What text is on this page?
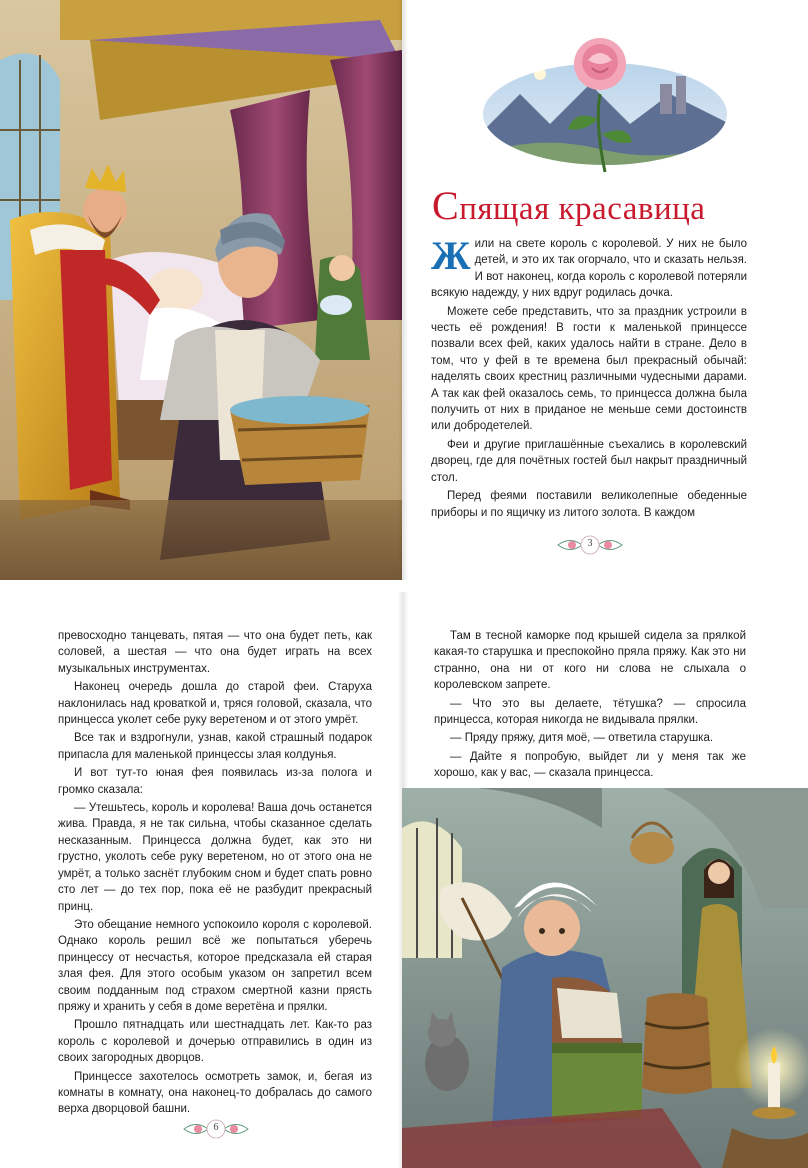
Спящая красавица

Жили на свете король с королевой. У них не было детей, и это их так огорчало, что и сказать нельзя. И вот наконец, когда король с королевой потеряли всякую надежду, у них вдруг родилась дочка.

Можете себе представить, что за праздник устроили в честь её рождения! В гости к маленькой принцессе позвали всех фей, каких удалось найти в стране. Дело в том, что у фей в те времена был прекрасный обычай: наделять своих крестниц различными чудесными дарами. А так как фей оказалось семь, то принцесса должна была получить от них в приданое не меньше семи достоинств или добродетелей.

Феи и другие приглашённые съехались в королевский дворец, где для почётных гостей был накрыт праздничный стол.

Перед феями поставили великолепные обеденные приборы и по ящичку из литого золота. В каждом

3

превосходно танцевать, пятая — что она будет петь, как соловей, а шестая — что она будет играть на всех музыкальных инструментах.

Наконец очередь дошла до старой феи. Старуха наклонилась над кроваткой и, тряся головой, сказала, что принцесса уколет себе руку веретеном и от этого умрёт.

Все так и вздрогнули, узнав, какой страшный подарок припасла для маленькой принцессы злая колдунья.

И вот тут-то юная фея появилась из-за полога и громко сказала:

— Утешьтесь, король и королева! Ваша дочь останется жива. Правда, я не так сильна, чтобы сказанное сделать несказанным. Принцесса должна будет, как это ни грустно, уколоть себе руку веретеном, но от этого она не умрёт, а только заснёт глубоким сном и будет спать ровно сто лет — до тех пор, пока её не разбудит прекрасный принц.

Это обещание немного успокоило короля с королевой. Однако король решил всё же попытаться уберечь принцессу от несчастья, которое предсказала ей старая злая фея. Для этого особым указом он запретил всем своим подданным под страхом смертной казни прясть пряжу и хранить у себя в доме веретёна и прялки.

Прошло пятнадцать или шестнадцать лет. Как-то раз король с королевой и дочерью отправились в один из своих загородных дворцов.

Принцессе захотелось осмотреть замок, и, бегая из комнаты в комнату, она наконец-то добралась до самого верха дворцовой башни.

6

Там в тесной каморке под крышей сидела за прялкой какая-то старушка и преспокойно пряла пряжу. Как это ни странно, она ни от кого ни слова не слыхала о королевском запрете.

— Что это вы делаете, тётушка? — спросила принцесса, которая никогда не видывала прялки.

— Пряду пряжу, дитя моё, — ответила старушка.

— Дайте я попробую, выйдет ли у меня так же хорошо, как у вас, — сказала принцесса.
